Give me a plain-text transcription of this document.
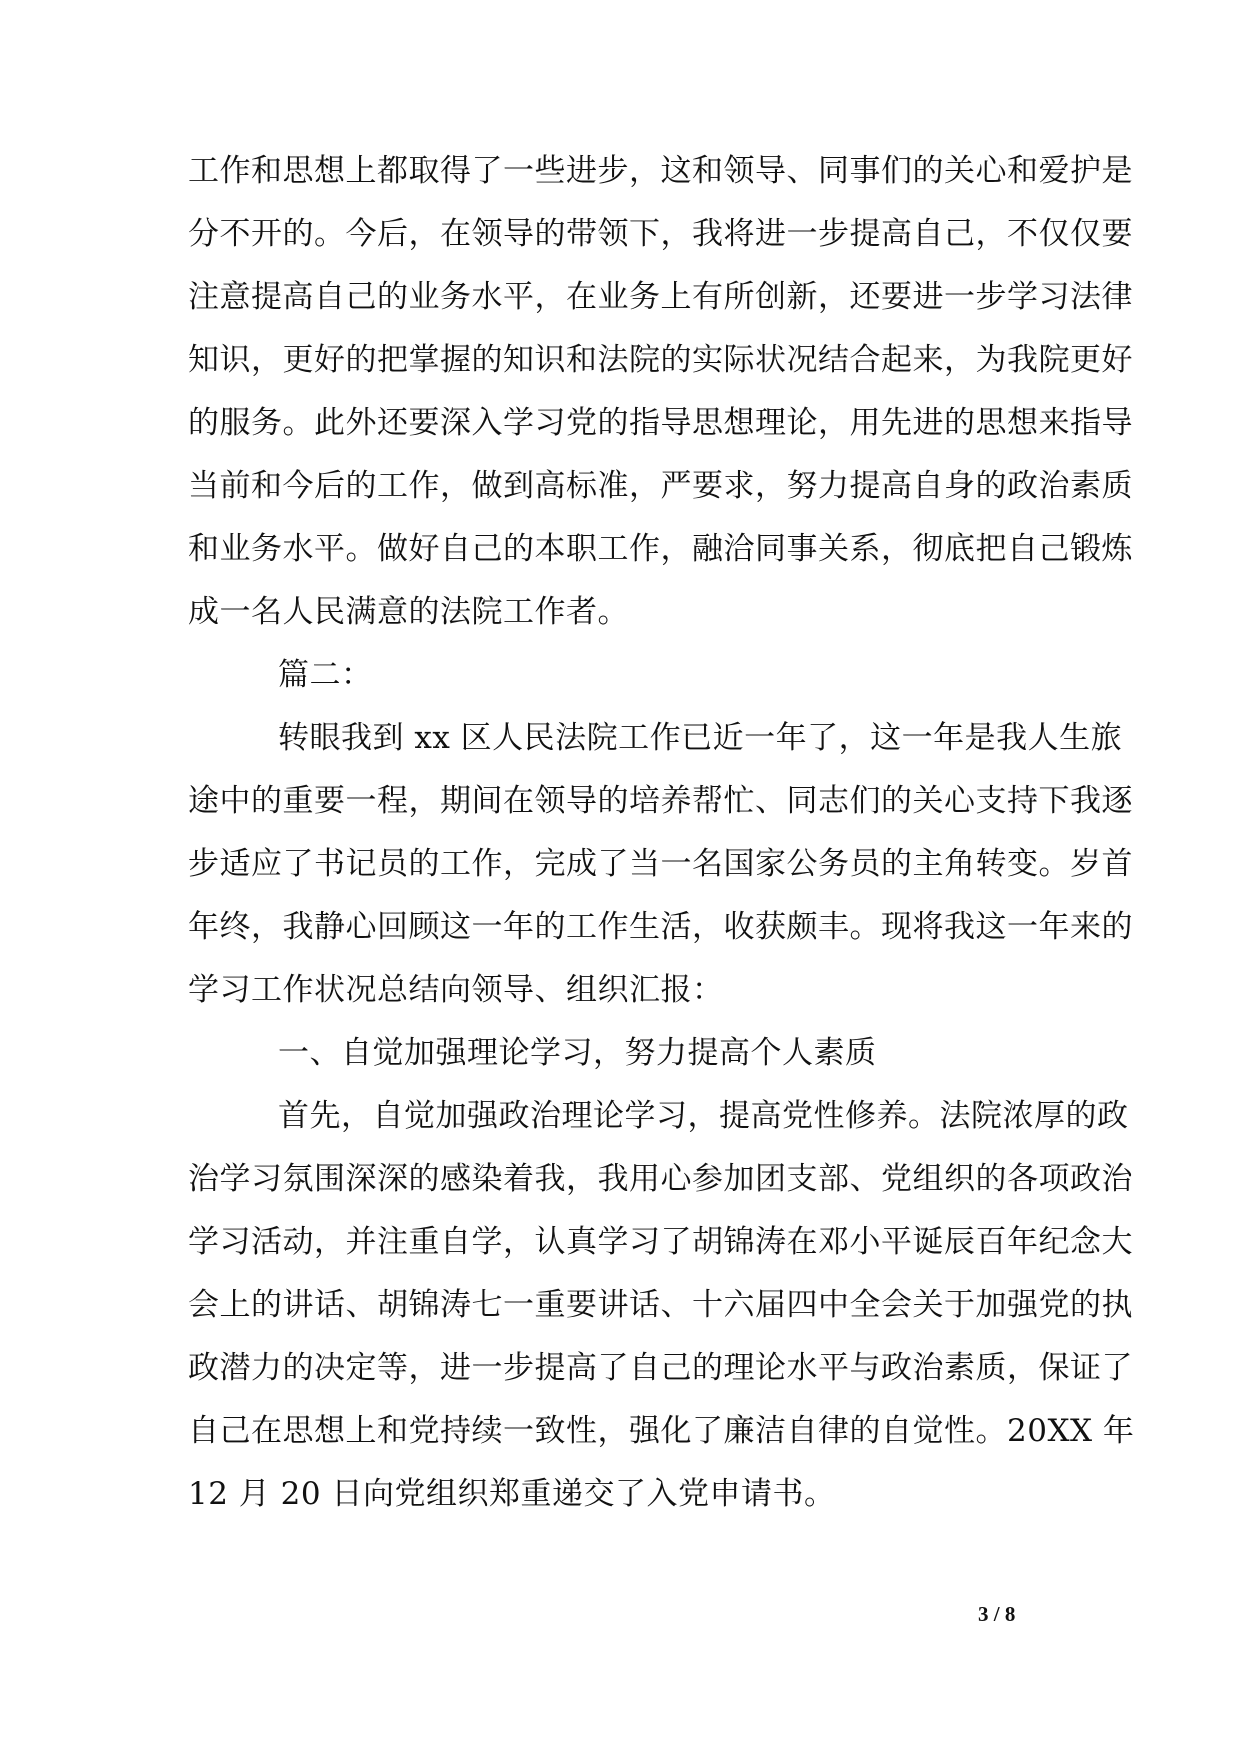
工作和思想上都取得了一些进步，这和领导、同事们的关心和爱护是
分不开的。今后，在领导的带领下，我将进一步提高自己，不仅仅要
注意提高自己的业务水平，在业务上有所创新，还要进一步学习法律
知识，更好的把掌握的知识和法院的实际状况结合起来，为我院更好
的服务。此外还要深入学习党的指导思想理论，用先进的思想来指导
当前和今后的工作，做到高标准，严要求，努力提高自身的政治素质
和业务水平。做好自己的本职工作，融洽同事关系，彻底把自己锻炼
成一名人民满意的法院工作者。
篇二：
转眼我到 xx 区人民法院工作已近一年了，这一年是我人生旅
途中的重要一程，期间在领导的培养帮忙、同志们的关心支持下我逐
步适应了书记员的工作，完成了当一名国家公务员的主角转变。岁首
年终，我静心回顾这一年的工作生活，收获颇丰。现将我这一年来的
学习工作状况总结向领导、组织汇报：
一、自觉加强理论学习，努力提高个人素质
首先，自觉加强政治理论学习，提高党性修养。法院浓厚的政
治学习氛围深深的感染着我，我用心参加团支部、党组织的各项政治
学习活动，并注重自学，认真学习了胡锦涛在邓小平诞辰百年纪念大
会上的讲话、胡锦涛七一重要讲话、十六届四中全会关于加强党的执
政潜力的决定等，进一步提高了自己的理论水平与政治素质，保证了
自己在思想上和党持续一致性，强化了廉洁自律的自觉性。20XX 年
12 月 20 日向党组织郑重递交了入党申请书。
3 / 8
